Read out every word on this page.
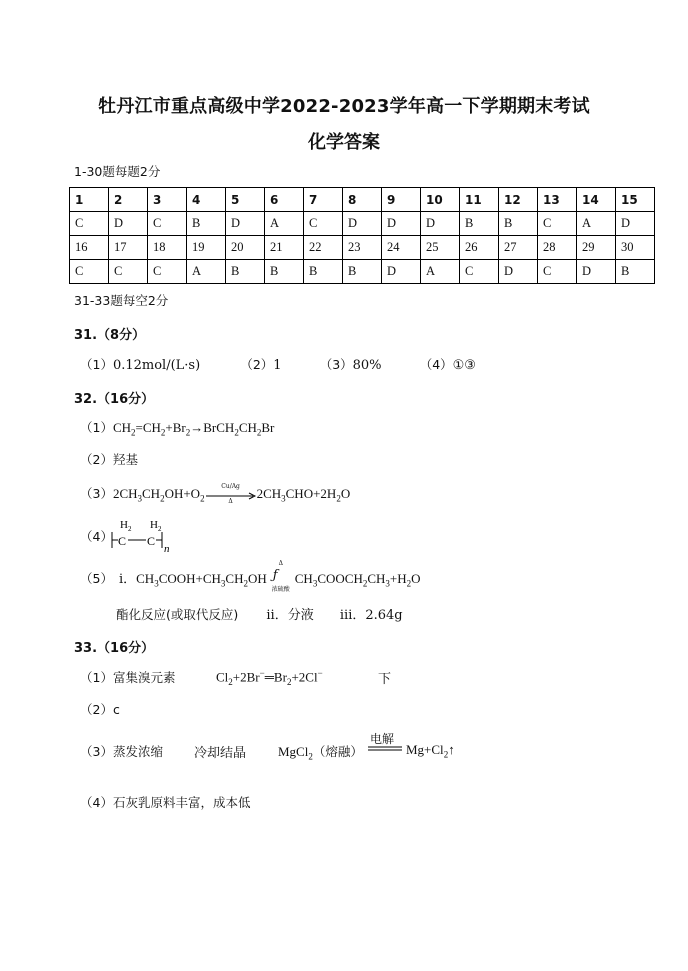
牡丹江市重点高级中学2022-2023学年高一下学期期末考试
化学答案
1-30题每题2分
1	2	3	4	5	6	7	8	9	10	11	12	13	14	15
C	D	C	B	D	A	C	D	D	D	B	B	C	A	D
16	17	18	19	20	21	22	23	24	25	26	27	28	29	30
C	C	C	A	B	B	B	B	D	A	C	D	C	D	B
31-33题每空2分
31.（8分）
（1）0.12mol/(L·s)	（2）1	（3）80%	（4）①③
32.（16分）
$(1)CH_2=CH_2+Br_2\to BrCH_2CH_2Br$
（2）羟基
$(3)2CH_3CH_2OH+O_2$
Cu/Ag
Δ	$2CH_3CHO+2H_2O$
（4）
H 2 H 2
C C
n
（5） ⅰ．$CH_3COOH+CH_3CH_2OH$
Δ
ƒ
浓硫酸
$CH_3COOCH_2CH_3+H_2O$
酯化反应(或取代反应) ⅱ．分液 ⅲ．2.64g
33.（16分）
（1）富集溴元素	$Cl_2+2Br^-═Br_2+2Cl^-$	下
（2）c
（3）蒸发浓缩 冷却结晶 MgCl$_2$（熔融）
电解
$Mg+Cl_2↑$
（4）石灰乳原料丰富，成本低
